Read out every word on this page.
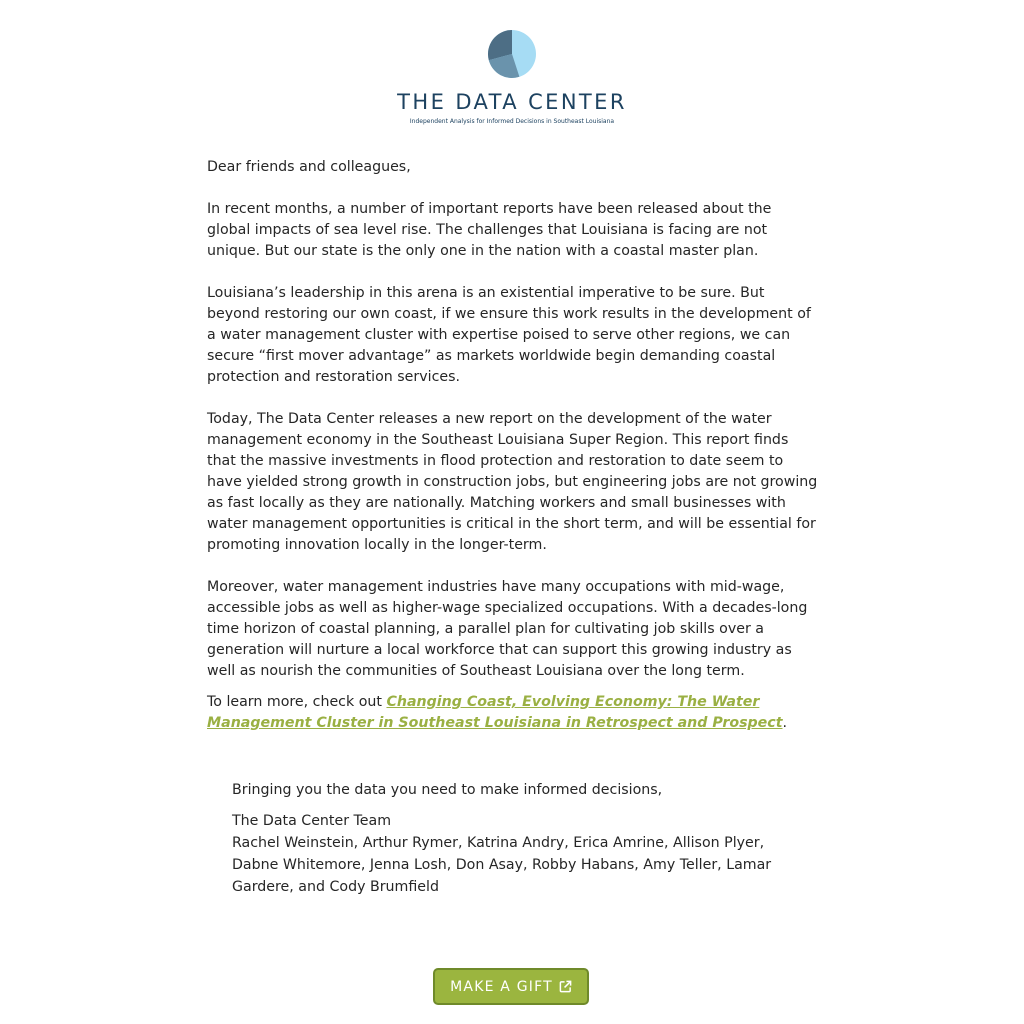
THE DATA CENTER
Independent Analysis for Informed Decisions in Southeast Louisiana

Dear friends and colleagues,

In recent months, a number of important reports have been released about the global impacts of sea level rise. The challenges that Louisiana is facing are not unique. But our state is the only one in the nation with a coastal master plan.

Louisiana’s leadership in this arena is an existential imperative to be sure. But beyond restoring our own coast, if we ensure this work results in the development of a water management cluster with expertise poised to serve other regions, we can secure “first mover advantage” as markets worldwide begin demanding coastal protection and restoration services.

Today, The Data Center releases a new report on the development of the water management economy in the Southeast Louisiana Super Region. This report finds that the massive investments in flood protection and restoration to date seem to have yielded strong growth in construction jobs, but engineering jobs are not growing as fast locally as they are nationally. Matching workers and small businesses with water management opportunities is critical in the short term, and will be essential for promoting innovation locally in the longer-term.

Moreover, water management industries have many occupations with mid-wage, accessible jobs as well as higher-wage specialized occupations. With a decades-long time horizon of coastal planning, a parallel plan for cultivating job skills over a generation will nurture a local workforce that can support this growing industry as well as nourish the communities of Southeast Louisiana over the long term.

To learn more, check out Changing Coast, Evolving Economy: The Water Management Cluster in Southeast Louisiana in Retrospect and Prospect.

Bringing you the data you need to make informed decisions,

The Data Center Team
Rachel Weinstein, Arthur Rymer, Katrina Andry, Erica Amrine, Allison Plyer, Dabne Whitemore, Jenna Losh, Don Asay, Robby Habans, Amy Teller, Lamar Gardere, and Cody Brumfield
MAKE A GIFT
